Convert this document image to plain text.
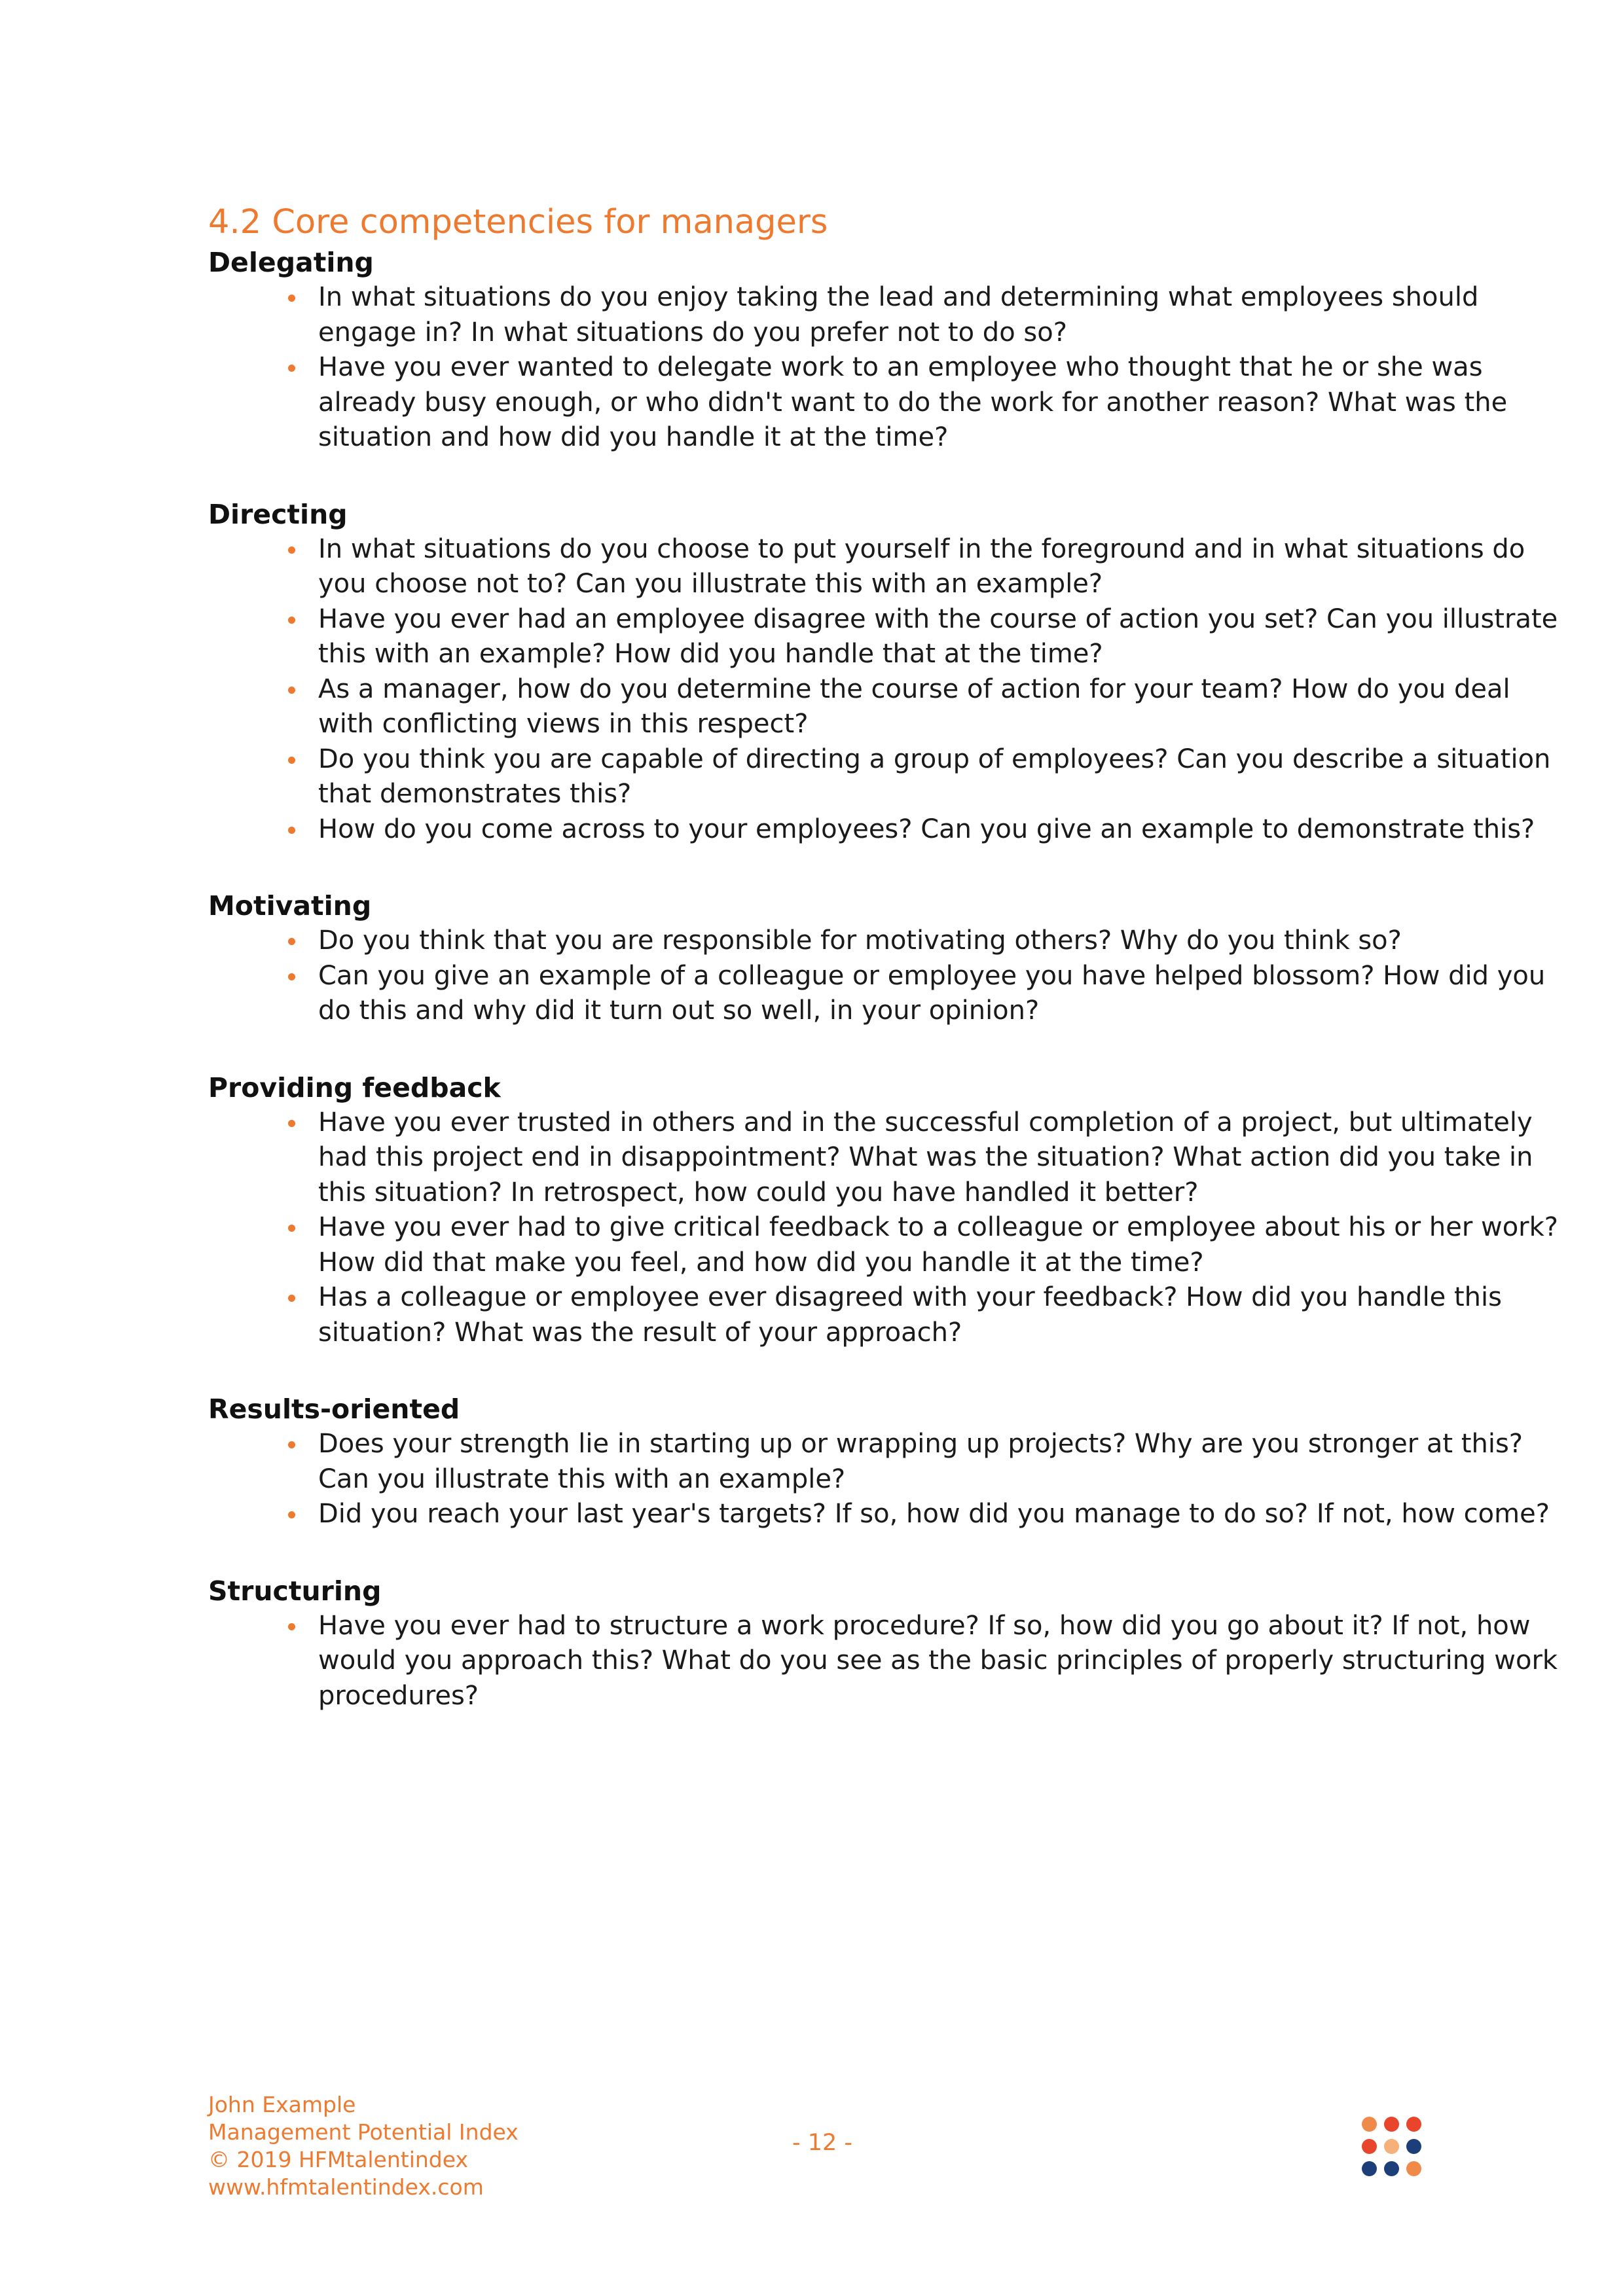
4.2 Core competencies for managers
Delegating
In what situations do you enjoy taking the lead and determining what employees should engage in? In what situations do you prefer not to do so?
Have you ever wanted to delegate work to an employee who thought that he or she was already busy enough, or who didn't want to do the work for another reason? What was the situation and how did you handle it at the time?
Directing
In what situations do you choose to put yourself in the foreground and in what situations do you choose not to? Can you illustrate this with an example?
Have you ever had an employee disagree with the course of action you set? Can you illustrate this with an example? How did you handle that at the time?
As a manager, how do you determine the course of action for your team? How do you deal with conflicting views in this respect?
Do you think you are capable of directing a group of employees? Can you describe a situation that demonstrates this?
How do you come across to your employees? Can you give an example to demonstrate this?
Motivating
Do you think that you are responsible for motivating others? Why do you think so?
Can you give an example of a colleague or employee you have helped blossom? How did you do this and why did it turn out so well, in your opinion?
Providing feedback
Have you ever trusted in others and in the successful completion of a project, but ultimately had this project end in disappointment? What was the situation? What action did you take in this situation? In retrospect, how could you have handled it better?
Have you ever had to give critical feedback to a colleague or employee about his or her work? How did that make you feel, and how did you handle it at the time?
Has a colleague or employee ever disagreed with your feedback? How did you handle this situation? What was the result of your approach?
Results-oriented
Does your strength lie in starting up or wrapping up projects? Why are you stronger at this? Can you illustrate this with an example?
Did you reach your last year's targets? If so, how did you manage to do so? If not, how come?
Structuring
Have you ever had to structure a work procedure? If so, how did you go about it? If not, how would you approach this? What do you see as the basic principles of properly structuring work procedures?
John Example
Management Potential Index
© 2019 HFMtalentindex
www.hfmtalentindex.com
- 12 -
